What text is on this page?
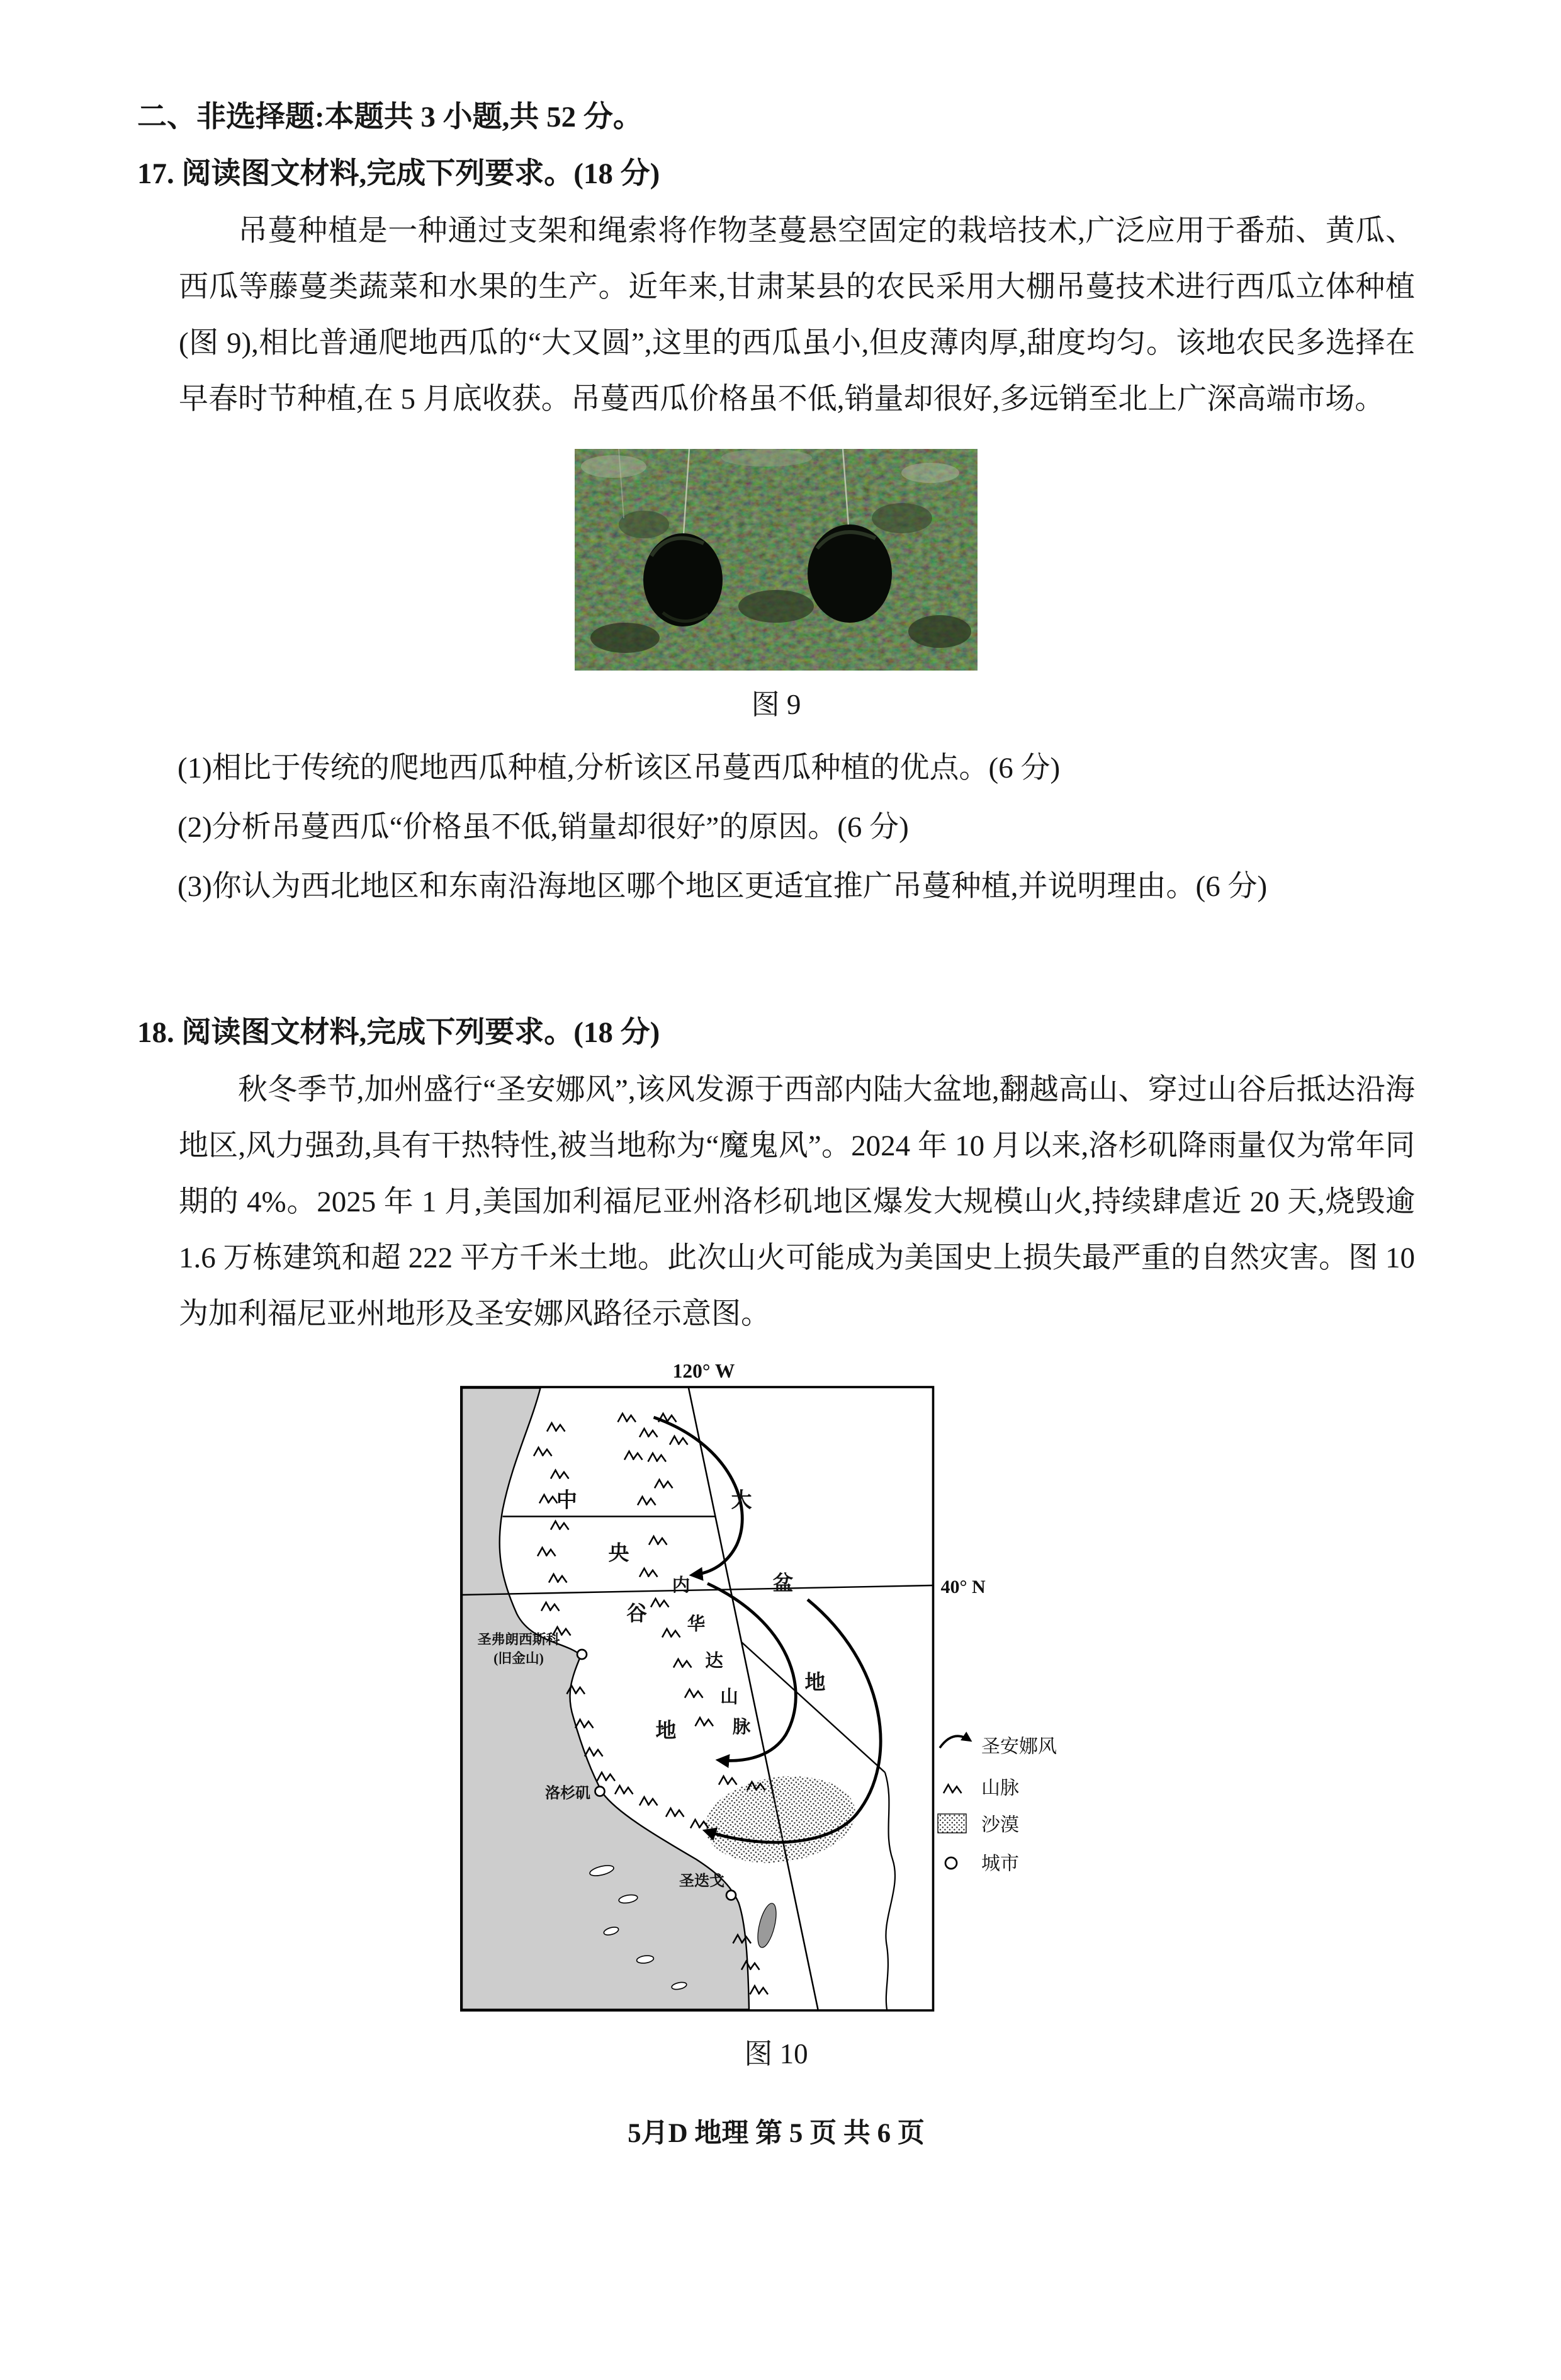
二、非选择题:本题共 3 小题,共 52 分。
17. 阅读图文材料,完成下列要求。(18 分)
吊蔓种植是一种通过支架和绳索将作物茎蔓悬空固定的栽培技术,广泛应用于番茄、黄瓜、西瓜等藤蔓类蔬菜和水果的生产。近年来,甘肃某县的农民采用大棚吊蔓技术进行西瓜立体种植(图 9),相比普通爬地西瓜的“大又圆”,这里的西瓜虽小,但皮薄肉厚,甜度均匀。该地农民多选择在早春时节种植,在 5 月底收获。吊蔓西瓜价格虽不低,销量却很好,多远销至北上广深高端市场。
图 9
(1)相比于传统的爬地西瓜种植,分析该区吊蔓西瓜种植的优点。(6 分)
(2)分析吊蔓西瓜“价格虽不低,销量却很好”的原因。(6 分)
(3)你认为西北地区和东南沿海地区哪个地区更适宜推广吊蔓种植,并说明理由。(6 分)
18. 阅读图文材料,完成下列要求。(18 分)
秋冬季节,加州盛行“圣安娜风”,该风发源于西部内陆大盆地,翻越高山、穿过山谷后抵达沿海地区,风力强劲,具有干热特性,被当地称为“魔鬼风”。2024 年 10 月以来,洛杉矶降雨量仅为常年同期的 4%。2025 年 1 月,美国加利福尼亚州洛杉矶地区爆发大规模山火,持续肆虐近 20 天,烧毁逾 1.6 万栋建筑和超 222 平方千米土地。此次山火可能成为美国史上损失最严重的自然灾害。图 10 为加利福尼亚州地形及圣安娜风路径示意图。
120° W
40° N
中
央
谷
地
大
盆
地
内
华
达
山
脉
圣弗朗西斯科
(旧金山)
洛杉矶
圣迭戈
圣安娜风
山脉
沙漠
城市
图 10
5月D 地理 第 5 页 共 6 页
